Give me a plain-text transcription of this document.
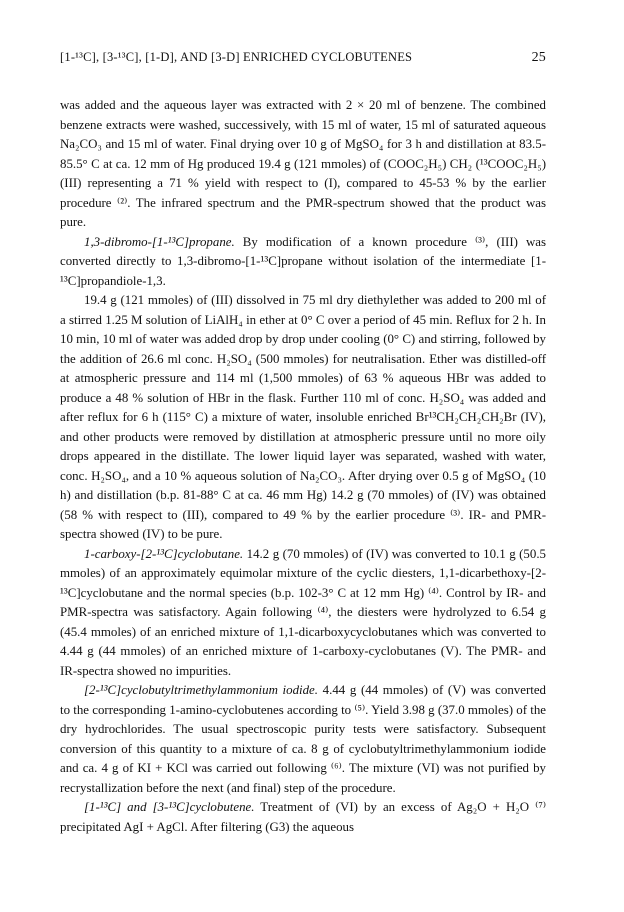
[1-¹³C], [3-¹³C], [1-D], AND [3-D] ENRICHED CYCLOBUTENES	25

was added and the aqueous layer was extracted with 2 × 20 ml of benzene. The combined benzene extracts were washed, successively, with 15 ml of water, 15 ml of saturated aqueous Na₂CO₃ and 15 ml of water. Final drying over 10 g of MgSO₄ for 3 h and distillation at 83.5-85.5° C at ca. 12 mm of Hg produced 19.4 g (121 mmoles) of (COOC₂H₅) CH₂ (¹³COOC₂H₅) (III) representing a 71 % yield with respect to (I), compared to 45-53 % by the earlier procedure ⁽²⁾. The infrared spectrum and the PMR-spectrum showed that the product was pure.

1,3-dibromo-[1-¹³C]propane. By modification of a known procedure ⁽³⁾, (III) was converted directly to 1,3-dibromo-[1-¹³C]propane without isolation of the intermediate [1-¹³C]propandiole-1,3.

19.4 g (121 mmoles) of (III) dissolved in 75 ml dry diethylether was added to 200 ml of a stirred 1.25 M solution of LiAlH₄ in ether at 0° C over a period of 45 min. Reflux for 2 h. In 10 min, 10 ml of water was added drop by drop under cooling (0° C) and stirring, followed by the addition of 26.6 ml conc. H₂SO₄ (500 mmoles) for neutralisation. Ether was distilled-off at atmospheric pressure and 114 ml (1,500 mmoles) of 63 % aqueous HBr was added to produce a 48 % solution of HBr in the flask. Further 110 ml of conc. H₂SO₄ was added and after reflux for 6 h (115° C) a mixture of water, insoluble enriched Br¹³CH₂CH₂CH₂Br (IV), and other products were removed by distillation at atmospheric pressure until no more oily drops appeared in the distillate. The lower liquid layer was separated, washed with water, conc. H₂SO₄, and a 10 % aqueous solution of Na₂CO₃. After drying over 0.5 g of MgSO₄ (10 h) and distillation (b.p. 81-88° C at ca. 46 mm Hg) 14.2 g (70 mmoles) of (IV) was obtained (58 % with respect to (III), compared to 49 % by the earlier procedure ⁽³⁾. IR- and PMR-spectra showed (IV) to be pure.

1-carboxy-[2-¹³C]cyclobutane. 14.2 g (70 mmoles) of (IV) was converted to 10.1 g (50.5 mmoles) of an approximately equimolar mixture of the cyclic diesters, 1,1-dicarbethoxy-[2-¹³C]cyclobutane and the normal species (b.p. 102-3° C at 12 mm Hg) ⁽⁴⁾. Control by IR- and PMR-spectra was satisfactory. Again following ⁽⁴⁾, the diesters were hydrolyzed to 6.54 g (45.4 mmoles) of an enriched mixture of 1,1-dicarboxycyclobutanes which was converted to 4.44 g (44 mmoles) of an enriched mixture of 1-carboxy-cyclobutanes (V). The PMR- and IR-spectra showed no impurities.

[2-¹³C]cyclobutyltrimethylammonium iodide. 4.44 g (44 mmoles) of (V) was converted to the corresponding 1-amino-cyclobutenes according to ⁽⁵⁾. Yield 3.98 g (37.0 mmoles) of the dry hydrochlorides. The usual spectroscopic purity tests were satisfactory. Subsequent conversion of this quantity to a mixture of ca. 8 g of cyclobutyltrimethylammonium iodide and ca. 4 g of KI + KCl was carried out following ⁽⁶⁾. The mixture (VI) was not purified by recrystallization before the next (and final) step of the procedure.

[1-¹³C] and [3-¹³C]cyclobutene. Treatment of (VI) by an excess of Ag₂O + H₂O ⁽⁷⁾ precipitated AgI + AgCl. After filtering (G3) the aqueous
